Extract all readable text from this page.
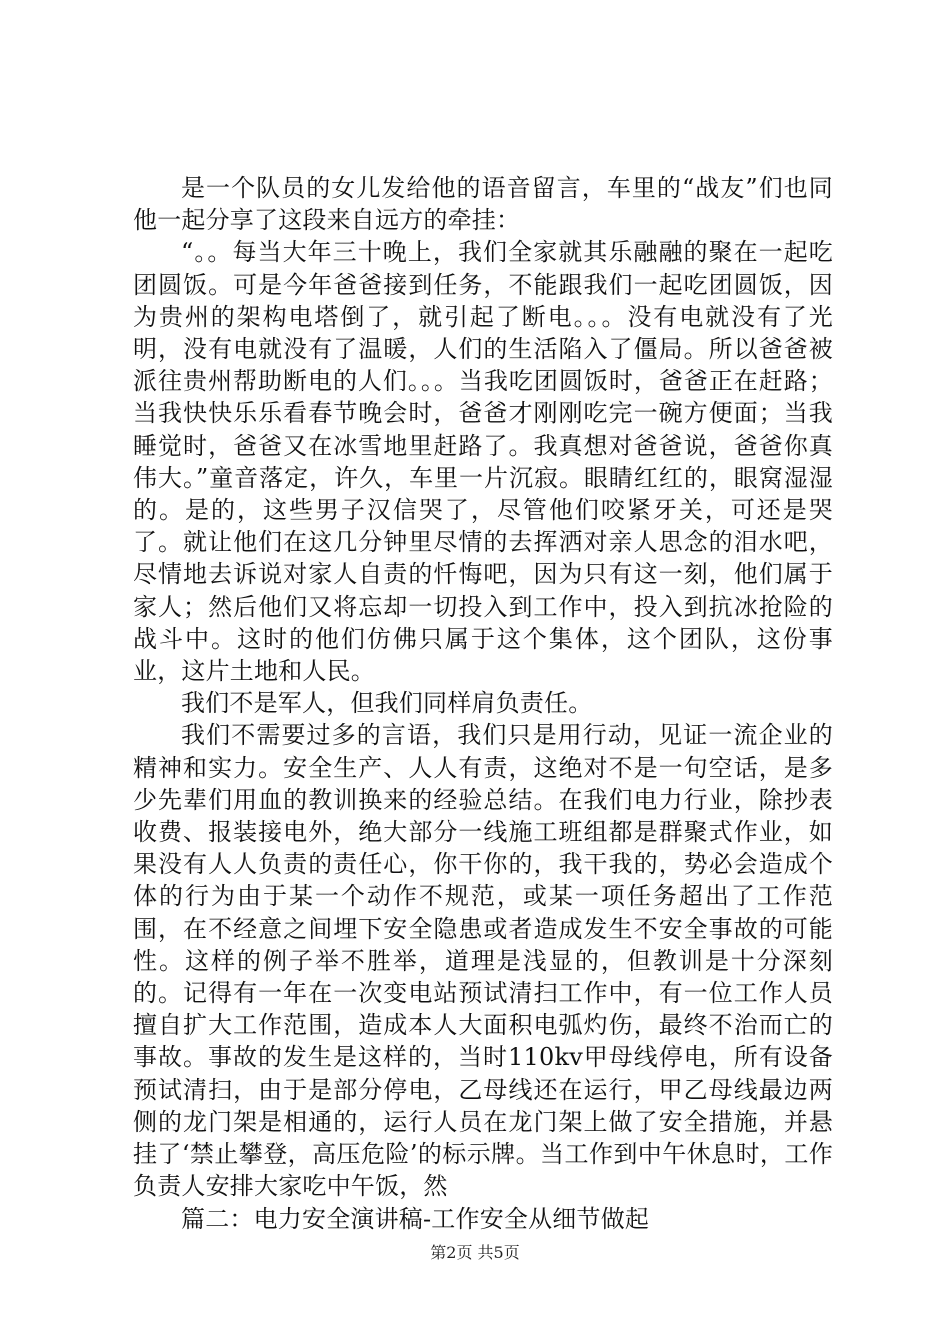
是一个队员的女儿发给他的语音留言，车里的“战友”们也同他一起分享了这段来自远方的牵挂：

“。。每当大年三十晚上，我们全家就其乐融融的聚在一起吃团圆饭。可是今年爸爸接到任务，不能跟我们一起吃团圆饭，因为贵州的架构电塔倒了，就引起了断电。。。没有电就没有了光明，没有电就没有了温暖，人们的生活陷入了僵局。所以爸爸被派往贵州帮助断电的人们。。。当我吃团圆饭时，爸爸正在赶路；当我快快乐乐看春节晚会时，爸爸才刚刚吃完一碗方便面；当我睡觉时，爸爸又在冰雪地里赶路了。我真想对爸爸说，爸爸你真伟大。”童音落定，许久，车里一片沉寂。眼睛红红的，眼窝湿湿的。是的，这些男子汉信哭了，尽管他们咬紧牙关，可还是哭了。就让他们在这几分钟里尽情的去挥洒对亲人思念的泪水吧，尽情地去诉说对家人自责的忏悔吧，因为只有这一刻，他们属于家人；然后他们又将忘却一切投入到工作中，投入到抗冰抢险的战斗中。这时的他们仿佛只属于这个集体，这个团队，这份事业，这片土地和人民。

我们不是军人，但我们同样肩负责任。

我们不需要过多的言语，我们只是用行动，见证一流企业的精神和实力。安全生产、人人有责，这绝对不是一句空话，是多少先辈们用血的教训换来的经验总结。在我们电力行业，除抄表收费、报装接电外，绝大部分一线施工班组都是群聚式作业，如果没有人人负责的责任心，你干你的，我干我的，势必会造成个体的行为由于某一个动作不规范，或某一项任务超出了工作范围，在不经意之间埋下安全隐患或者造成发生不安全事故的可能性。这样的例子举不胜举，道理是浅显的，但教训是十分深刻的。记得有一年在一次变电站预试清扫工作中，有一位工作人员擅自扩大工作范围，造成本人大面积电弧灼伤，最终不治而亡的事故。事故的发生是这样的，当时110kv甲母线停电，所有设备预试清扫，由于是部分停电，乙母线还在运行，甲乙母线最边两侧的龙门架是相通的，运行人员在龙门架上做了安全措施，并悬挂了‘禁止攀登，高压危险’的标示牌。当工作到中午休息时，工作负责人安排大家吃中午饭，然

篇二：电力安全演讲稿-工作安全从细节做起

第2页 共5页
